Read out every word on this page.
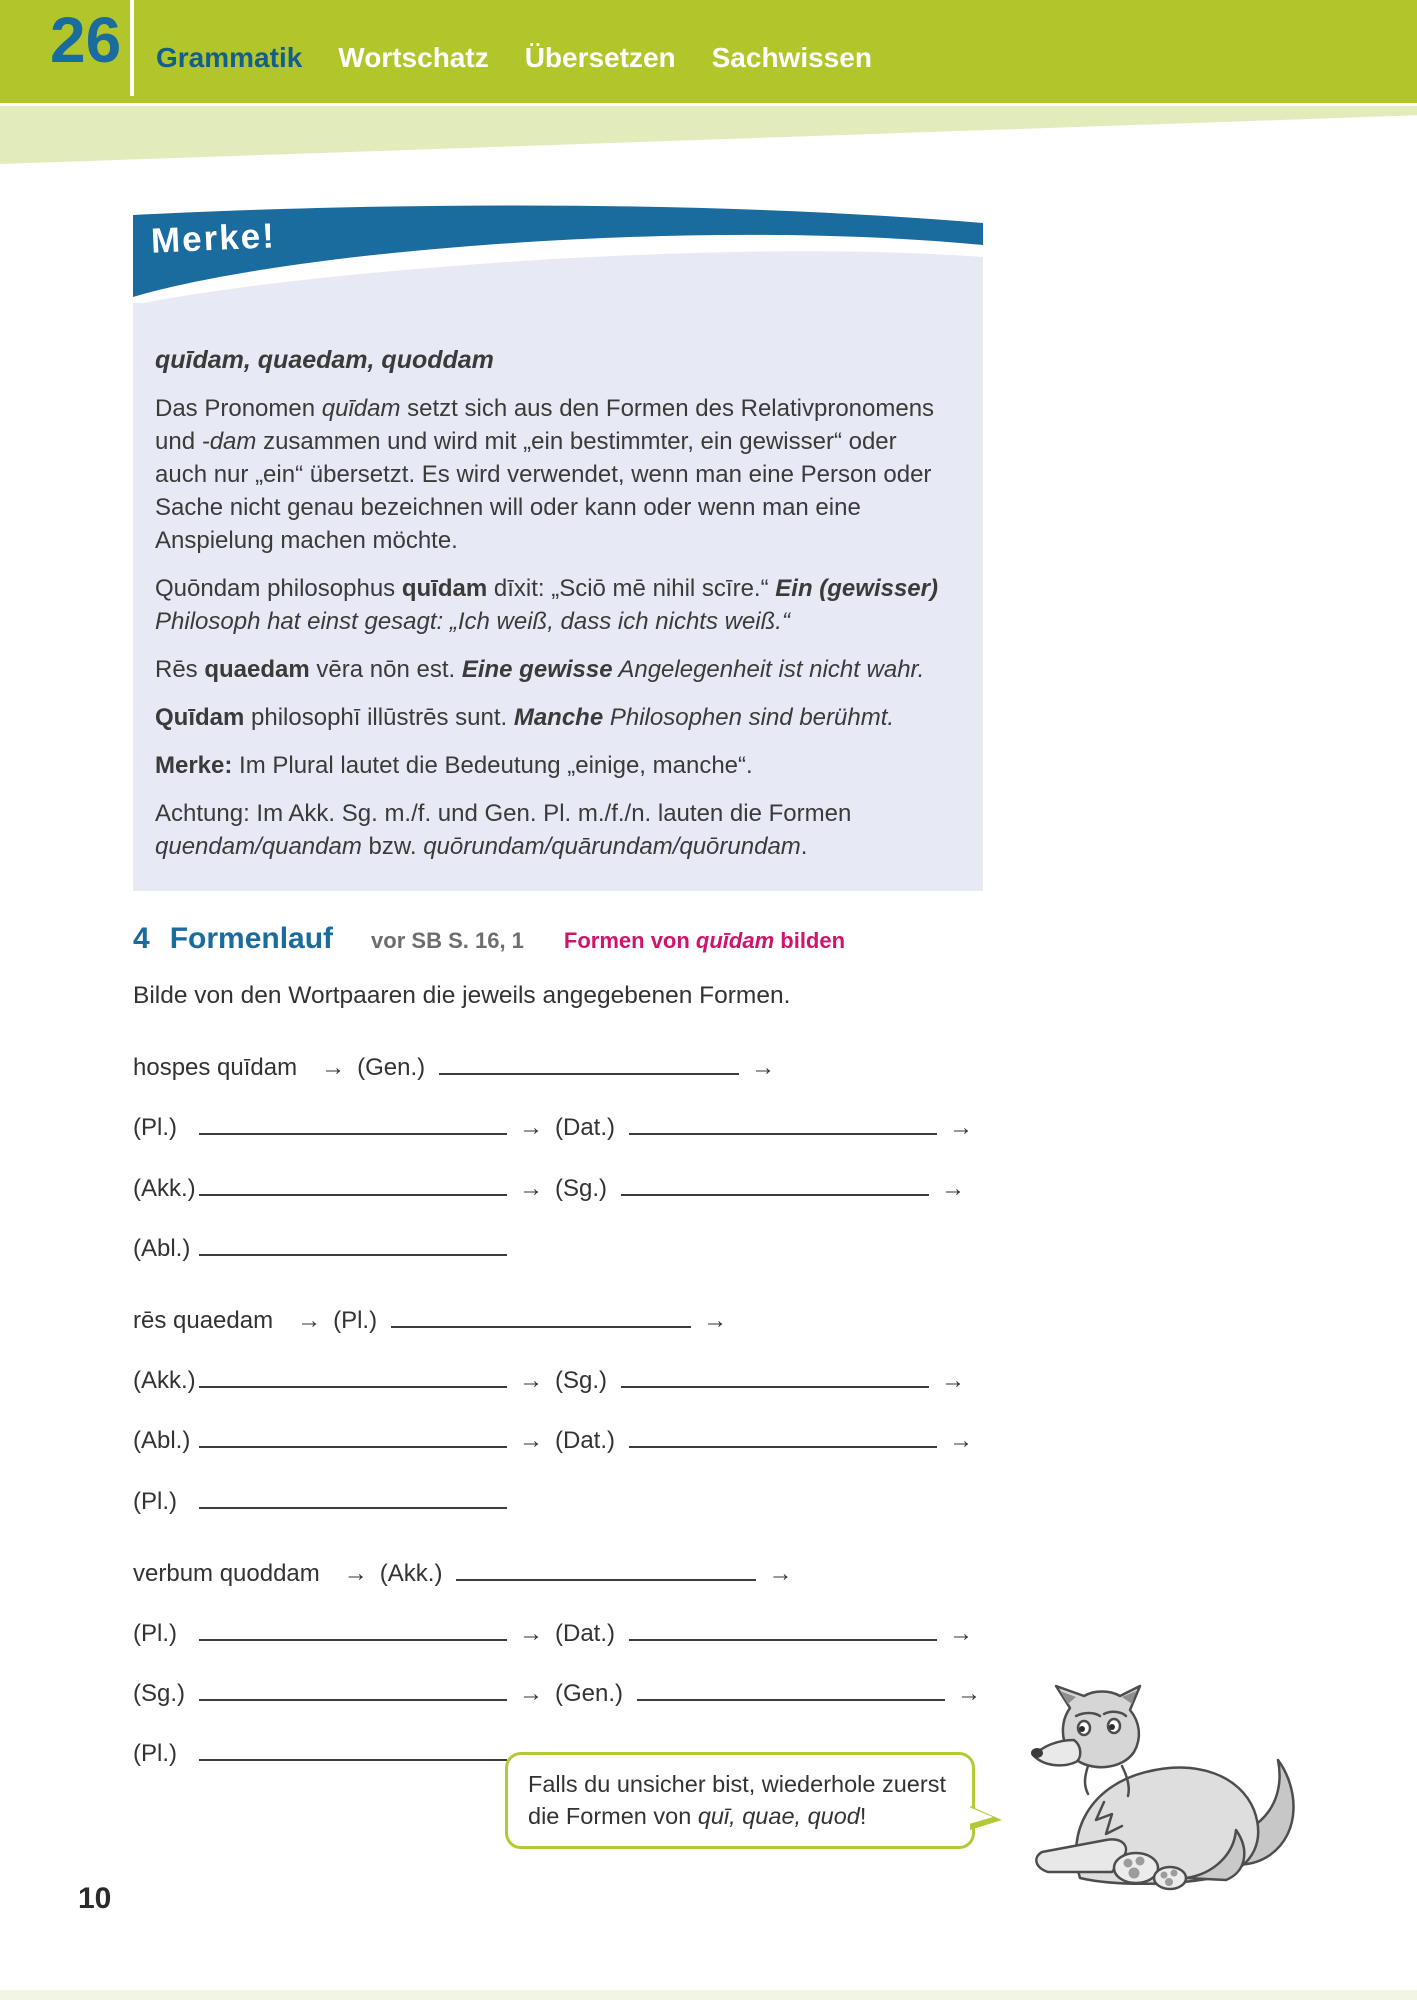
26 Grammatik Wortschatz Übersetzen Sachwissen
Merke!

quīdam, quaedam, quoddam

Das Pronomen quīdam setzt sich aus den Formen des Relativpronomens und -dam zusammen und wird mit „ein bestimmter, ein gewisser“ oder auch nur „ein“ übersetzt. Es wird verwendet, wenn man eine Person oder Sache nicht genau bezeichnen will oder kann oder wenn man eine Anspielung machen möchte.

Quōndam philosophus quīdam dīxit: „Sciō mē nihil scīre.“ Ein (gewisser) Philosoph hat einst gesagt: „Ich weiß, dass ich nichts weiß.“

Rēs quaedam vēra nōn est. Eine gewisse Angelegenheit ist nicht wahr.

Quīdam philosophī illūstrēs sunt. Manche Philosophen sind berühmt.

Merke: Im Plural lautet die Bedeutung „einige, manche“.

Achtung: Im Akk. Sg. m./f. und Gen. Pl. m./f./n. lauten die Formen quendam/quandam bzw. quōrundam/quārundam/quōrundam.

4 Formenlauf vor SB S. 16, 1 Formen von quīdam bilden
Bilde von den Wortpaaren die jeweils angegebenen Formen.
hospes quīdam → (Gen.)	→
(Pl.)	→ (Dat.)	→
(Akk.)	→ (Sg.)	→
(Abl.)
rēs quaedam → (Pl.)	→
(Akk.)	→ (Sg.)	→
(Abl.)	→ (Dat.)	→
(Pl.)
verbum quoddam → (Akk.)	→
(Pl.)	→ (Dat.)	→
(Sg.)	→ (Gen.)	→
(Pl.)
Falls du unsicher bist, wiederhole zuerst die Formen von quī, quae, quod!
10
